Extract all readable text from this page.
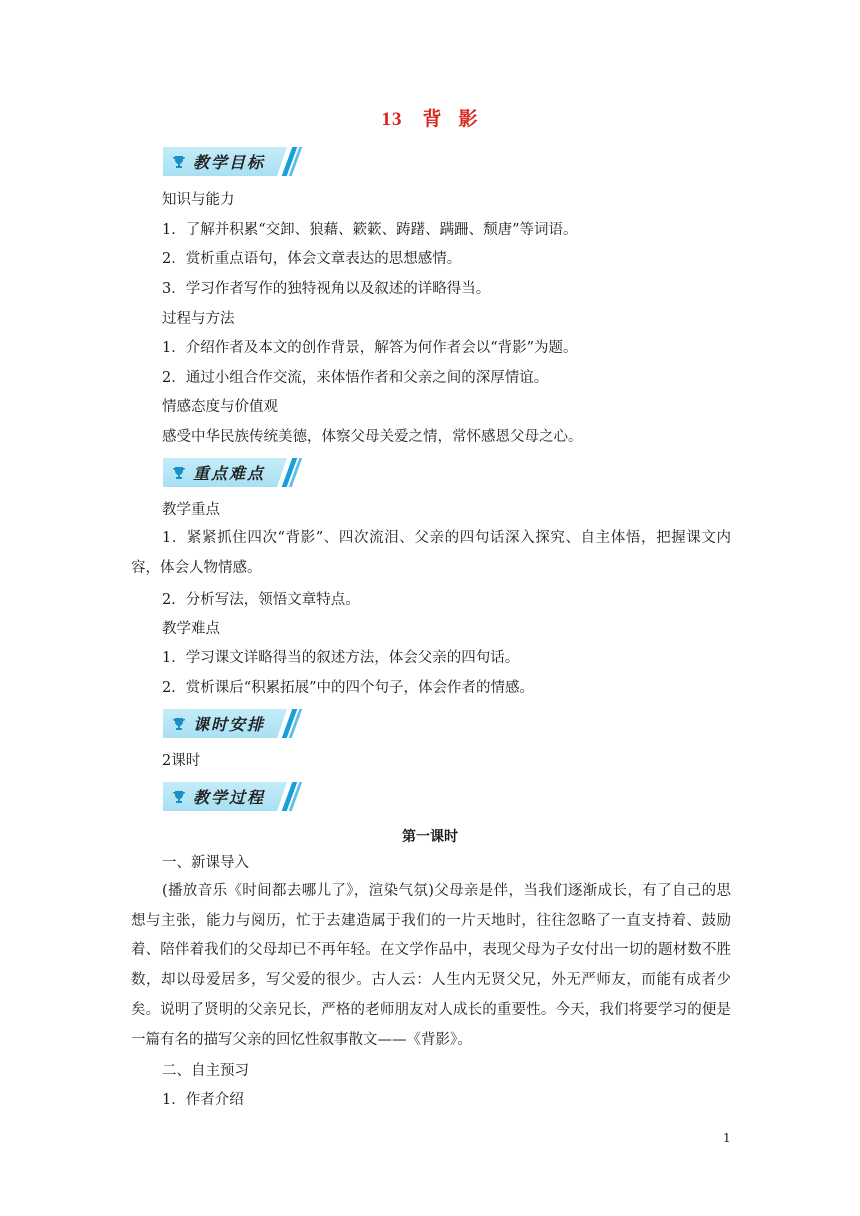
13 背 影
教学目标
知识与能力
1．了解并积累“交卸、狼藉、簌簌、踌躇、蹒跚、颓唐”等词语。
2．赏析重点语句，体会文章表达的思想感情。
3．学习作者写作的独特视角以及叙述的详略得当。
过程与方法
1．介绍作者及本文的创作背景，解答为何作者会以“背影”为题。
2．通过小组合作交流，来体悟作者和父亲之间的深厚情谊。
情感态度与价值观
感受中华民族传统美德，体察父母关爱之情，常怀感恩父母之心。
重点难点
教学重点
1．紧紧抓住四次“背影”、四次流泪、父亲的四句话深入探究、自主体悟，把握课文内容，体会人物情感。
2．分析写法，领悟文章特点。
教学难点
1．学习课文详略得当的叙述方法，体会父亲的四句话。
2．赏析课后“积累拓展”中的四个句子，体会作者的情感。
课时安排
2课时
教学过程
第一课时
一、新课导入
(播放音乐《时间都去哪儿了》，渲染气氛)父母亲是伴，当我们逐渐成长，有了自己的思想与主张，能力与阅历，忙于去建造属于我们的一片天地时，往往忽略了一直支持着、鼓励着、陪伴着我们的父母却已不再年轻。在文学作品中，表现父母为子女付出一切的题材数不胜数，却以母爱居多，写父爱的很少。古人云：人生内无贤父兄，外无严师友，而能有成者少矣。说明了贤明的父亲兄长，严格的老师朋友对人成长的重要性。今天，我们将要学习的便是一篇有名的描写父亲的回忆性叙事散文——《背影》。
二、自主预习
1．作者介绍
1
